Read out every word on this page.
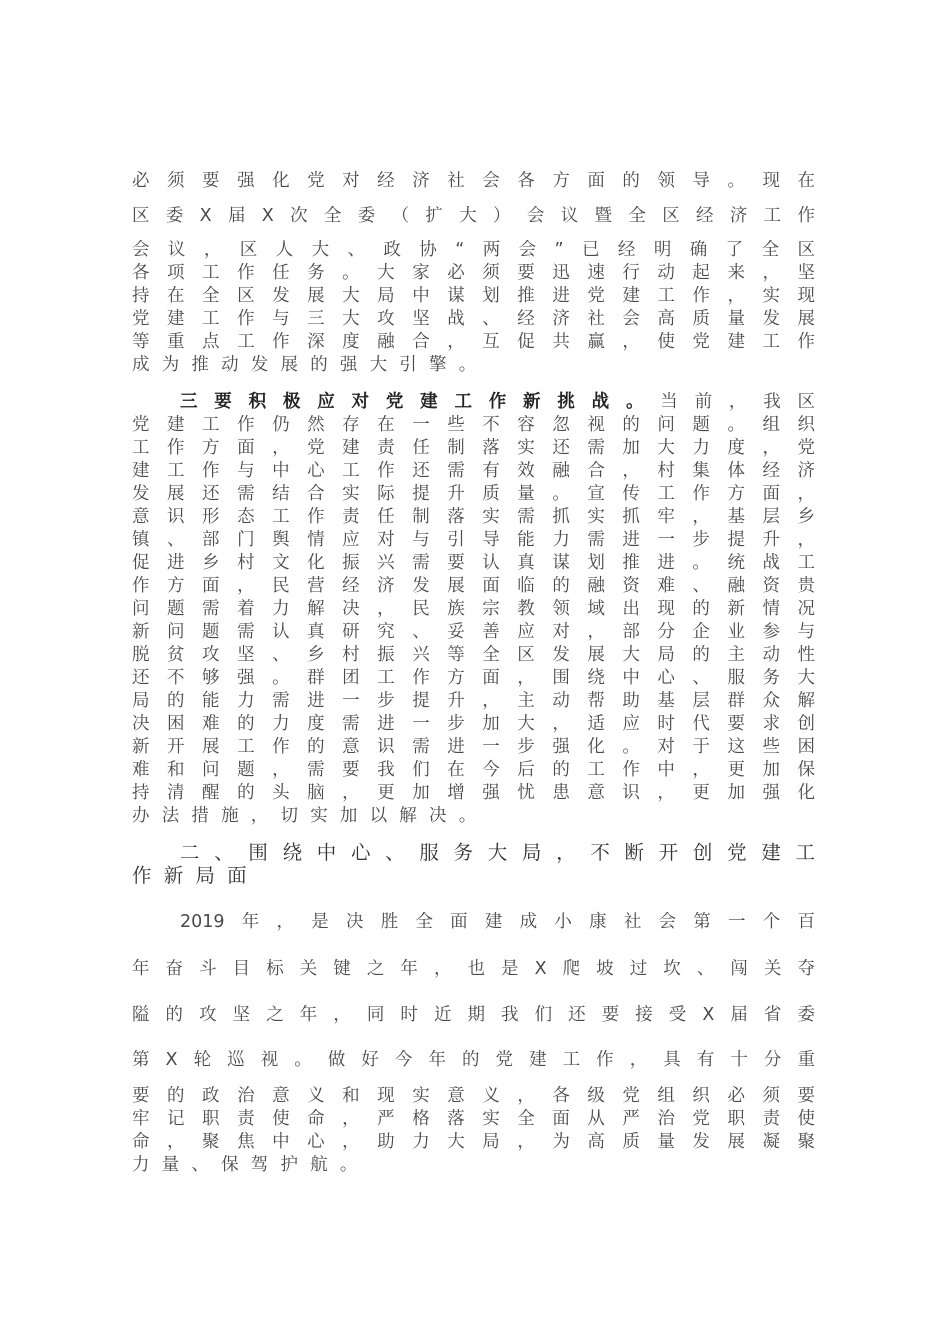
必须要强化党对经济社会各方面的领导。现在
区委X届X次全委（扩大）会议暨全区经济工作
会议，区人大、政协“两会”已经明确了全区
各项工作任务。大家必须要迅速行动起来，坚
持在全区发展大局中谋划推进党建工作，实现
党建工作与三大攻坚战、经济社会高质量发展
等重点工作深度融合，互促共赢，使党建工作
成为推动发展的强大引擎。
三要积极应对党建工作新挑战。当前，我区
党建工作仍然存在一些不容忽视的问题。组织
工作方面，党建责任制落实还需加大力度，党
建工作与中心工作还需有效融合，村集体经济
发展还需结合实际提升质量。宣传工作方面，
意识形态工作责任制落实需抓实抓牢，基层乡
镇、部门舆情应对与引导能力需进一步提升，
促进乡村文化振兴需要认真谋划推进。统战工
作方面，民营经济发展面临的融资难、融资贵
问题需着力解决，民族宗教领域出现的新情况
新问题需认真研究、妥善应对，部分企业参与
脱贫攻坚、乡村振兴等全区发展大局的主动性
还不够强。群团工作方面，围绕中心、服务大
局的能力需进一步提升，主动帮助基层群众解
决困难的力度需进一步加大，适应时代要求创
新开展工作的意识需进一步强化。对于这些困
难和问题，需要我们在今后的工作中，更加保
持清醒的头脑，更加增强忧患意识，更加强化
办法措施，切实加以解决。
二、围绕中心、服务大局，不断开创党建工
作新局面
2019年，是决胜全面建成小康社会第一个百
年奋斗目标关键之年，也是X爬坡过坎、闯关夺
隘的攻坚之年，同时近期我们还要接受X届省委
第X轮巡视。做好今年的党建工作，具有十分重
要的政治意义和现实意义，各级党组织必须要
牢记职责使命，严格落实全面从严治党职责使
命，聚焦中心，助力大局，为高质量发展凝聚
力量、保驾护航。
